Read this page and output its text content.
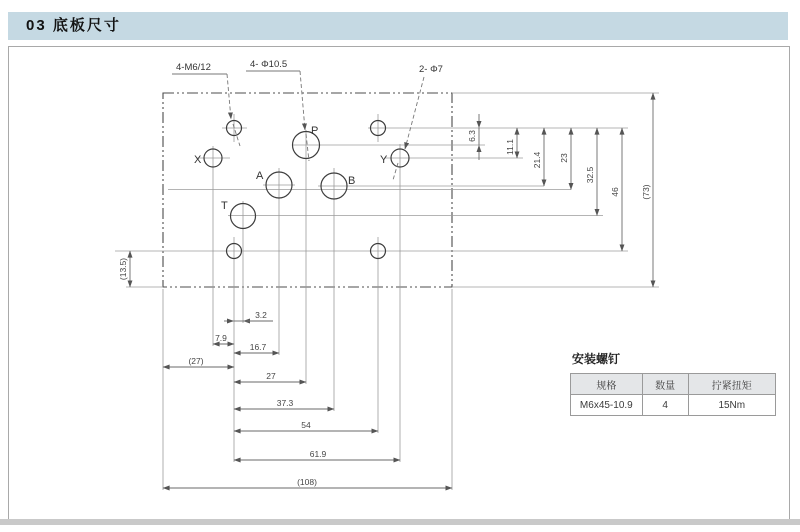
03 底板尺寸
P
A	B
T
X	Y
4-M6/12	4- Φ10.5	2- Φ7
3.2
7.9
16.7
(27)
27
37.3
54
61.9
(108)
6.3
11.1
21.4 23
32.5
46 (73)
(13.5)
安装螺钉
规格	数量	拧紧扭矩
M6x45-10.9	4	15Nm
